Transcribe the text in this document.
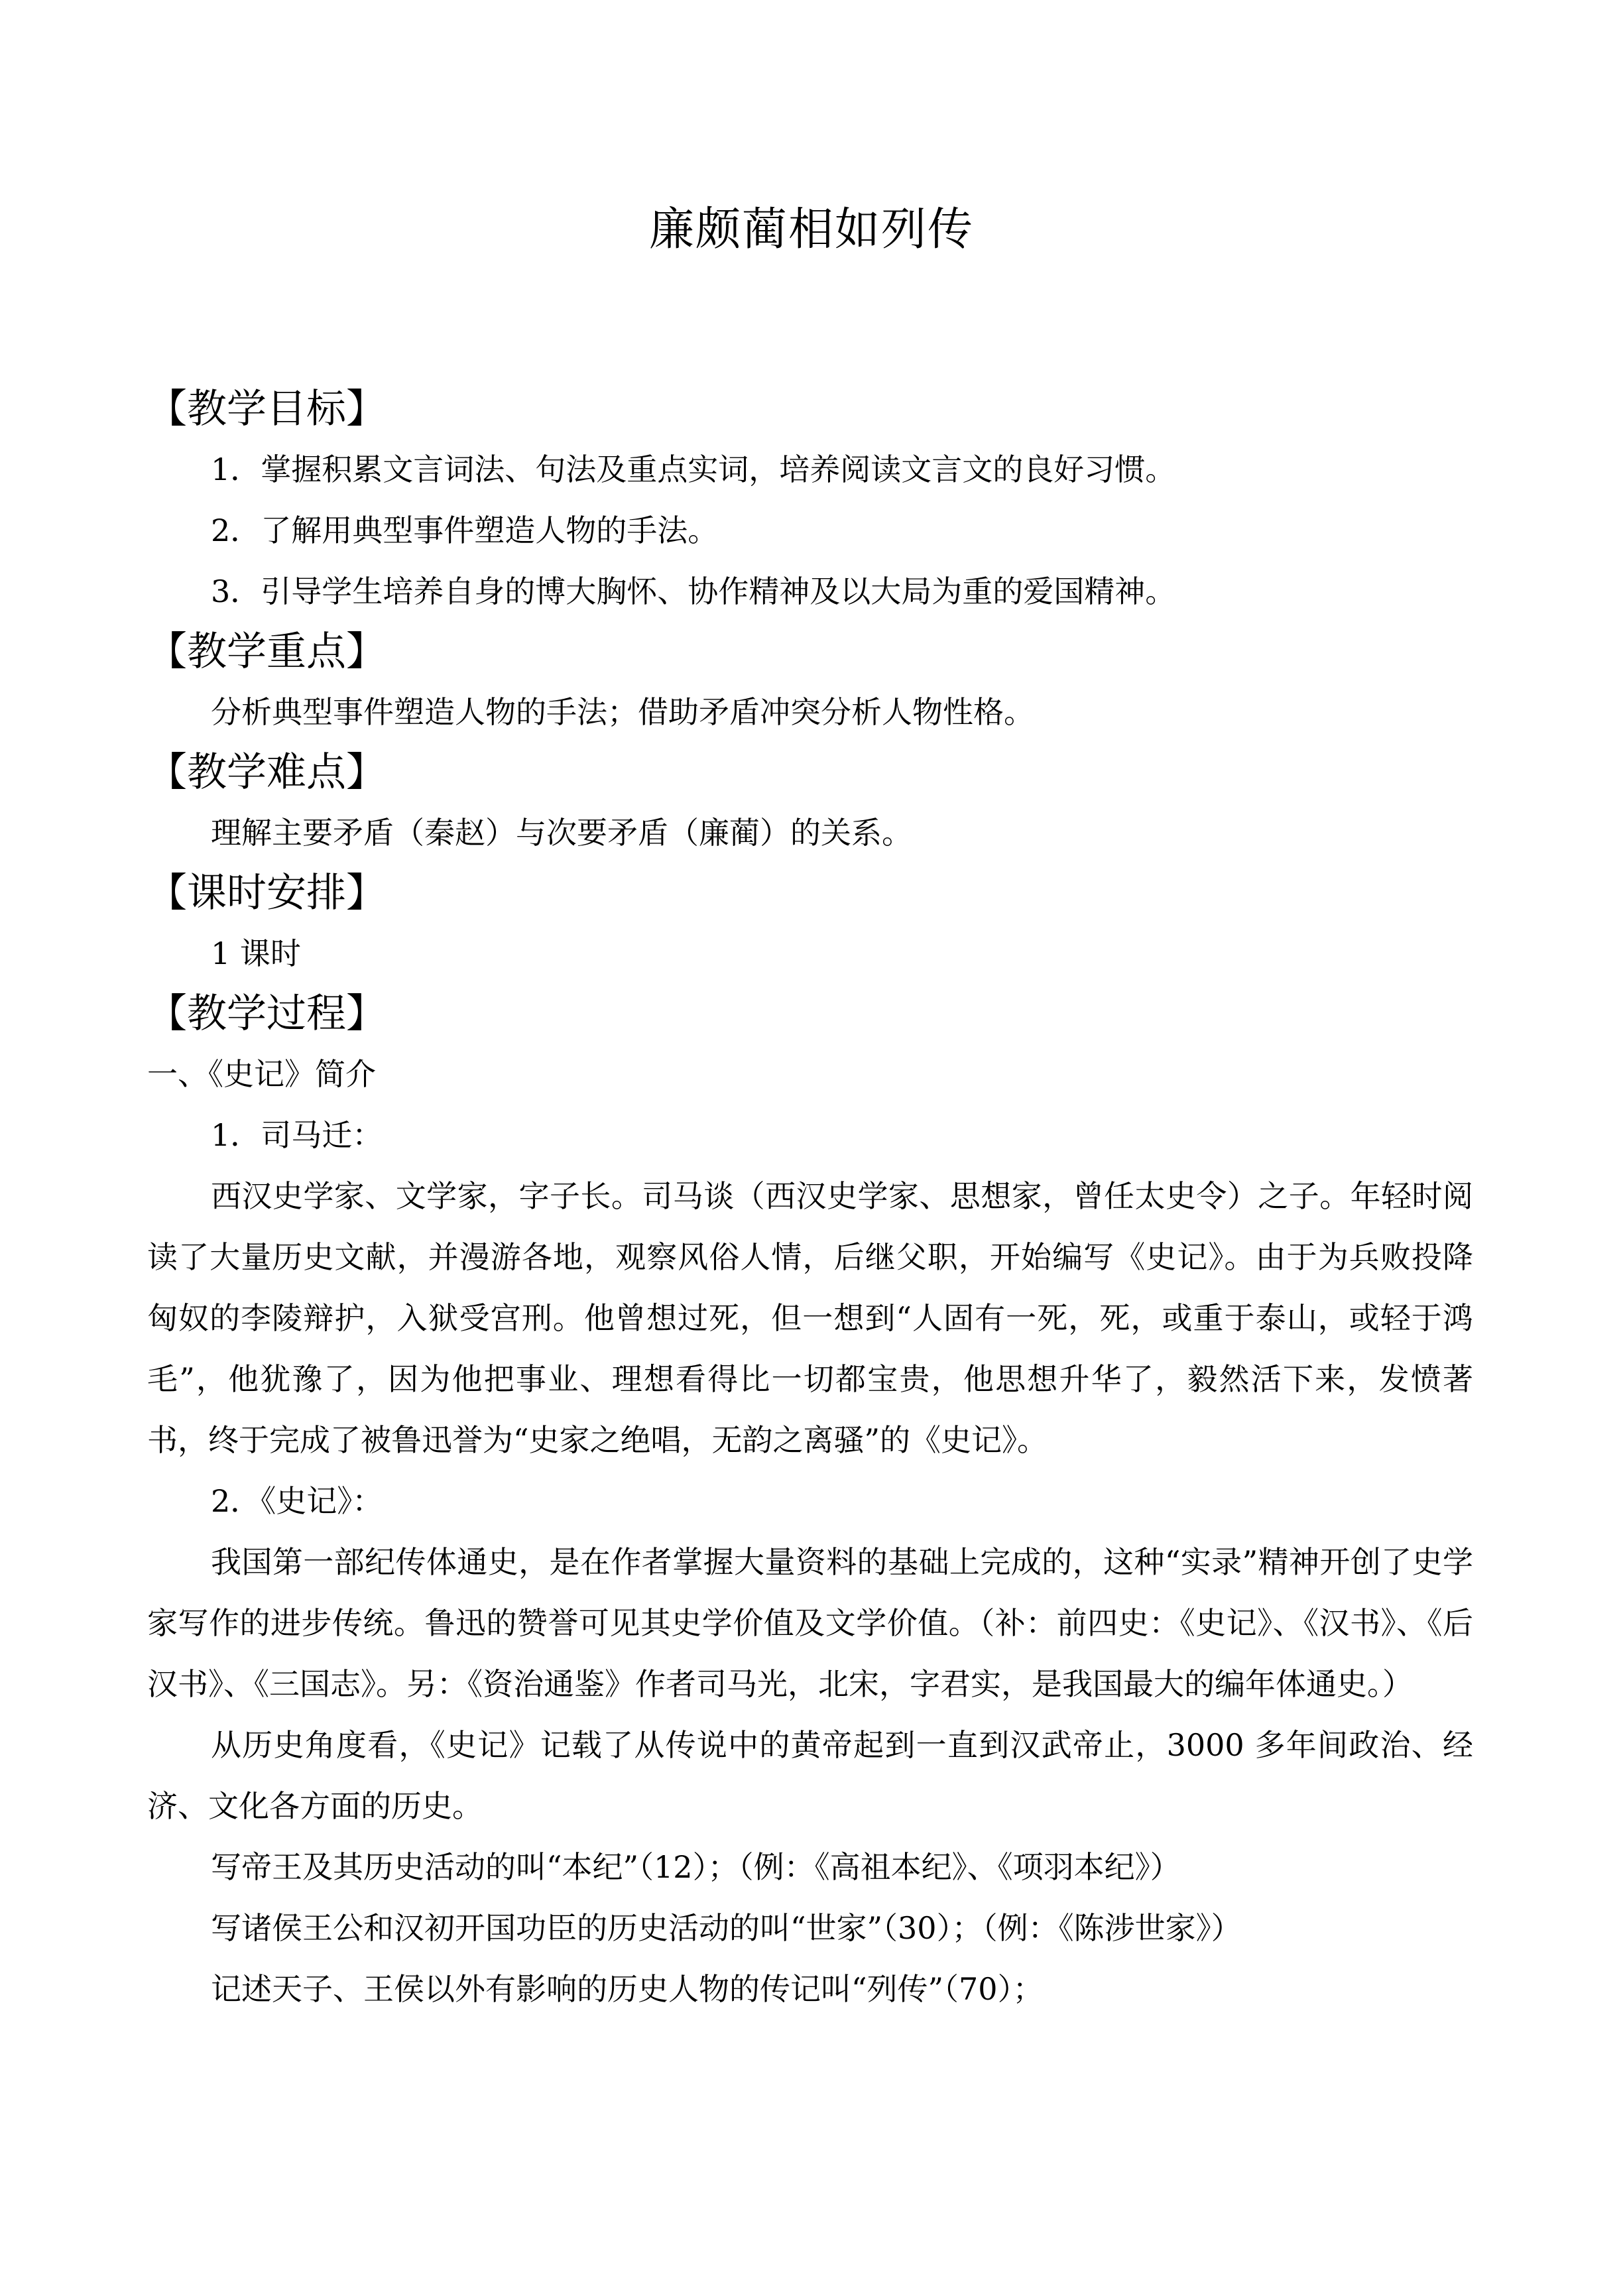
廉颇蔺相如列传
【教学目标】
1．掌握积累文言词法、句法及重点实词，培养阅读文言文的良好习惯。
2．了解用典型事件塑造人物的手法。
3．引导学生培养自身的博大胸怀、协作精神及以大局为重的爱国精神。
【教学重点】
分析典型事件塑造人物的手法；借助矛盾冲突分析人物性格。
【教学难点】
理解主要矛盾（秦赵）与次要矛盾（廉蔺）的关系。
【课时安排】
1 课时
【教学过程】
一、《史记》简介
1．司马迁：

西汉史学家、文学家，字子长。司马谈（西汉史学家、思想家，曾任太史令）之子。年轻时阅读了大量历史文献，并漫游各地，观察风俗人情，后继父职，开始编写《史记》。由于为兵败投降匈奴的李陵辩护，入狱受宫刑。他曾想过死，但一想到“人固有一死，死，或重于泰山，或轻于鸿毛”，他犹豫了，因为他把事业、理想看得比一切都宝贵，他思想升华了，毅然活下来，发愤著书，终于完成了被鲁迅誉为“史家之绝唱，无韵之离骚”的《史记》。

2．《史记》：

我国第一部纪传体通史，是在作者掌握大量资料的基础上完成的，这种“实录”精神开创了史学家写作的进步传统。鲁迅的赞誉可见其史学价值及文学价值。（补：前四史：《史记》、《汉书》、《后汉书》、《三国志》。另：《资治通鉴》作者司马光，北宋，字君实，是我国最大的编年体通史。）

从历史角度看，《史记》记载了从传说中的黄帝起到一直到汉武帝止，3000 多年间政治、经济、文化各方面的历史。

写帝王及其历史活动的叫“本纪”（12）；（例：《高祖本纪》、《项羽本纪》）
写诸侯王公和汉初开国功臣的历史活动的叫“世家”（30）；（例：《陈涉世家》）
记述天子、王侯以外有影响的历史人物的传记叫“列传”（70）；
